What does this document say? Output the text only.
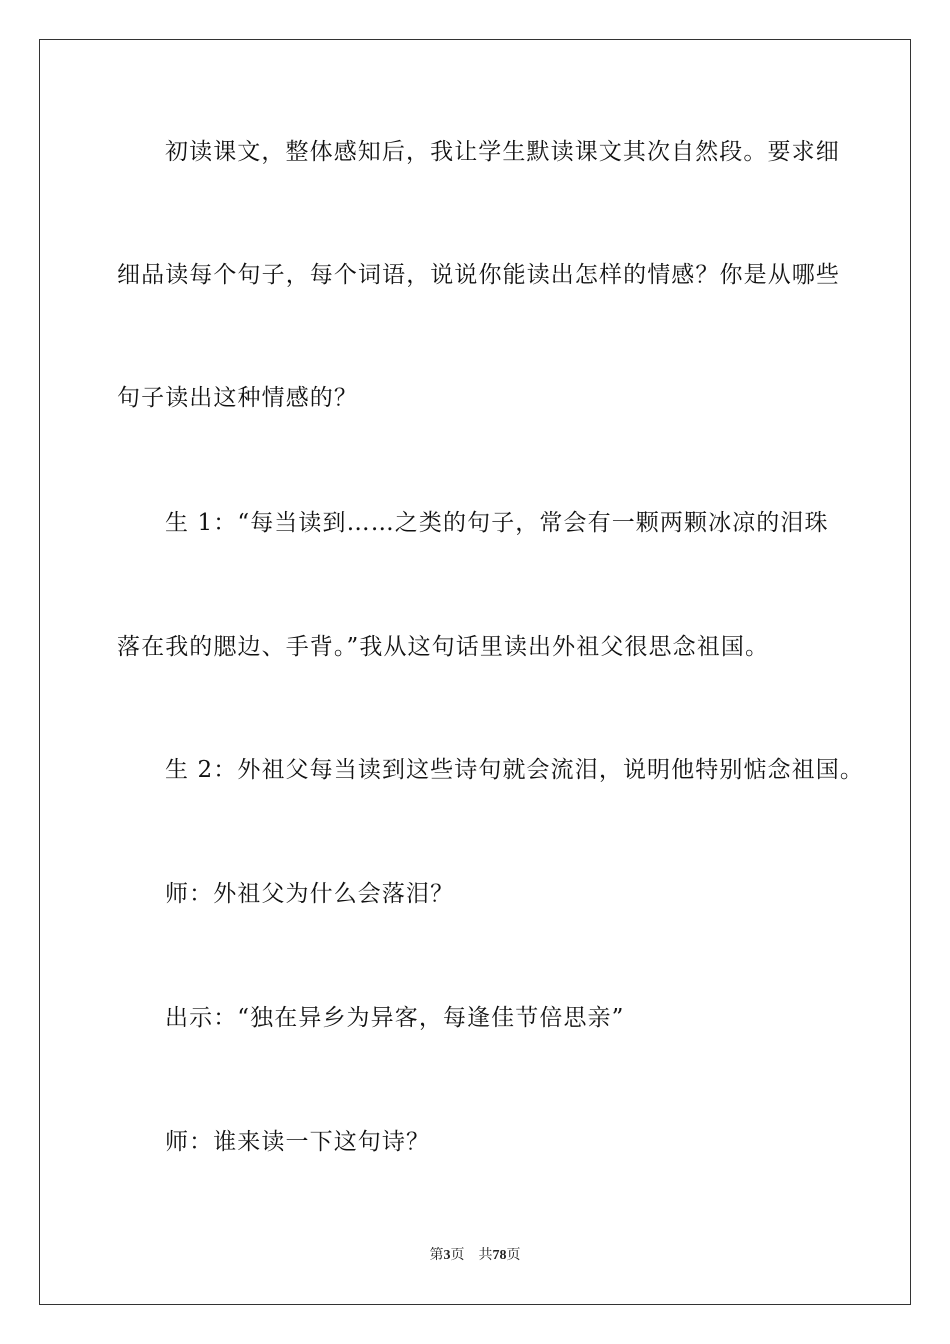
初读课文，整体感知后，我让学生默读课文其次自然段。要求细
细品读每个句子，每个词语，说说你能读出怎样的情感？你是从哪些
句子读出这种情感的？
生 1：“每当读到……之类的句子，常会有一颗两颗冰凉的泪珠
落在我的腮边、手背。”我从这句话里读出外祖父很思念祖国。
生 2：外祖父每当读到这些诗句就会流泪，说明他特别惦念祖国。
师：外祖父为什么会落泪？
出示：“独在异乡为异客，每逢佳节倍思亲”
师：谁来读一下这句诗？
第3页 共78页
